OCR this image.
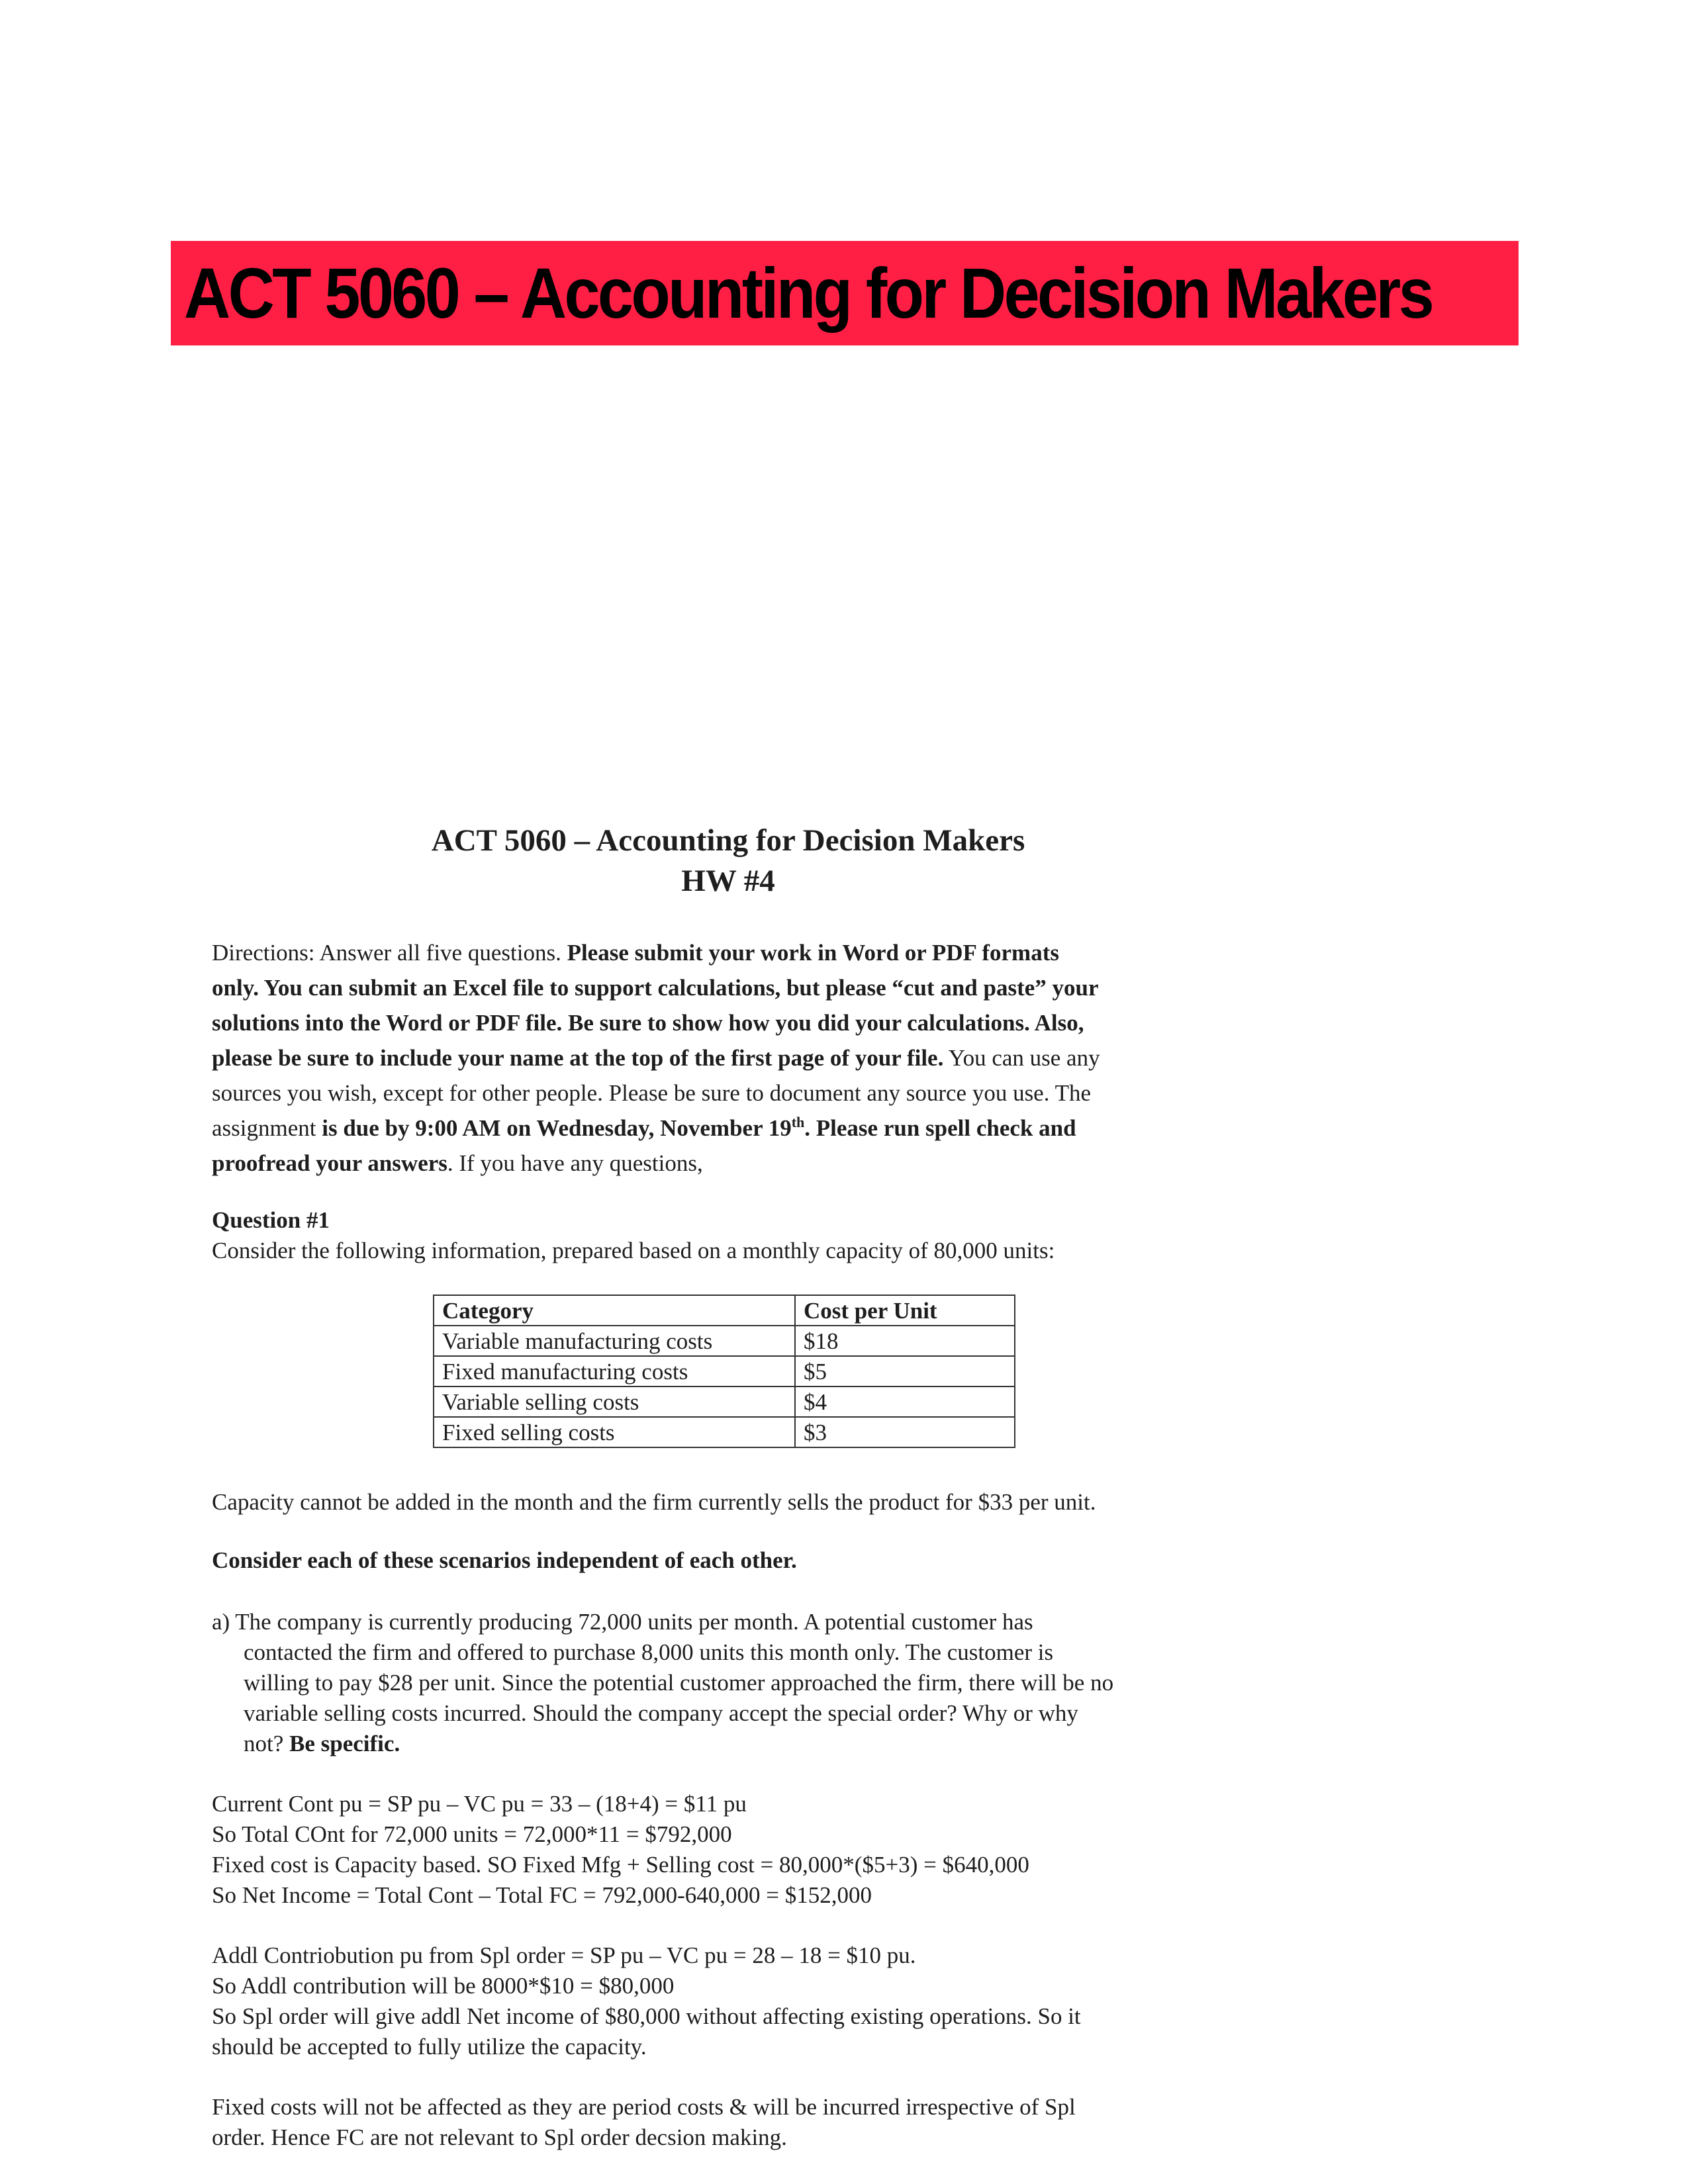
ACT 5060 – Accounting for Decision Makers
ACT 5060 – Accounting for Decision Makers
HW #4
Directions: Answer all five questions. Please submit your work in Word or PDF formats
only. You can submit an Excel file to support calculations, but please “cut and paste” your
solutions into the Word or PDF file. Be sure to show how you did your calculations. Also,
please be sure to include your name at the top of the first page of your file. You can use any
sources you wish, except for other people. Please be sure to document any source you use. The
assignment is due by 9:00 AM on Wednesday, November 19th. Please run spell check and
proofread your answers. If you have any questions,
Question #1
Consider the following information, prepared based on a monthly capacity of 80,000 units:
Category	Cost per Unit
Variable manufacturing costs	$18
Fixed manufacturing costs	$5
Variable selling costs	$4
Fixed selling costs	$3
Capacity cannot be added in the month and the firm currently sells the product for $33 per unit.
Consider each of these scenarios independent of each other.
a) The company is currently producing 72,000 units per month. A potential customer has
contacted the firm and offered to purchase 8,000 units this month only. The customer is
willing to pay $28 per unit. Since the potential customer approached the firm, there will be no
variable selling costs incurred. Should the company accept the special order? Why or why
not? Be specific.
Current Cont pu = SP pu – VC pu = 33 – (18+4) = $11 pu
So Total COnt for 72,000 units = 72,000*11 = $792,000
Fixed cost is Capacity based. SO Fixed Mfg + Selling cost = 80,000*($5+3) = $640,000
So Net Income = Total Cont – Total FC = 792,000-640,000 = $152,000
Addl Contriobution pu from Spl order = SP pu – VC pu = 28 – 18 = $10 pu.
So Addl contribution will be 8000*$10 = $80,000
So Spl order will give addl Net income of $80,000 without affecting existing operations. So it
should be accepted to fully utilize the capacity.
Fixed costs will not be affected as they are period costs & will be incurred irrespective of Spl
order. Hence FC are not relevant to Spl order decsion making.
